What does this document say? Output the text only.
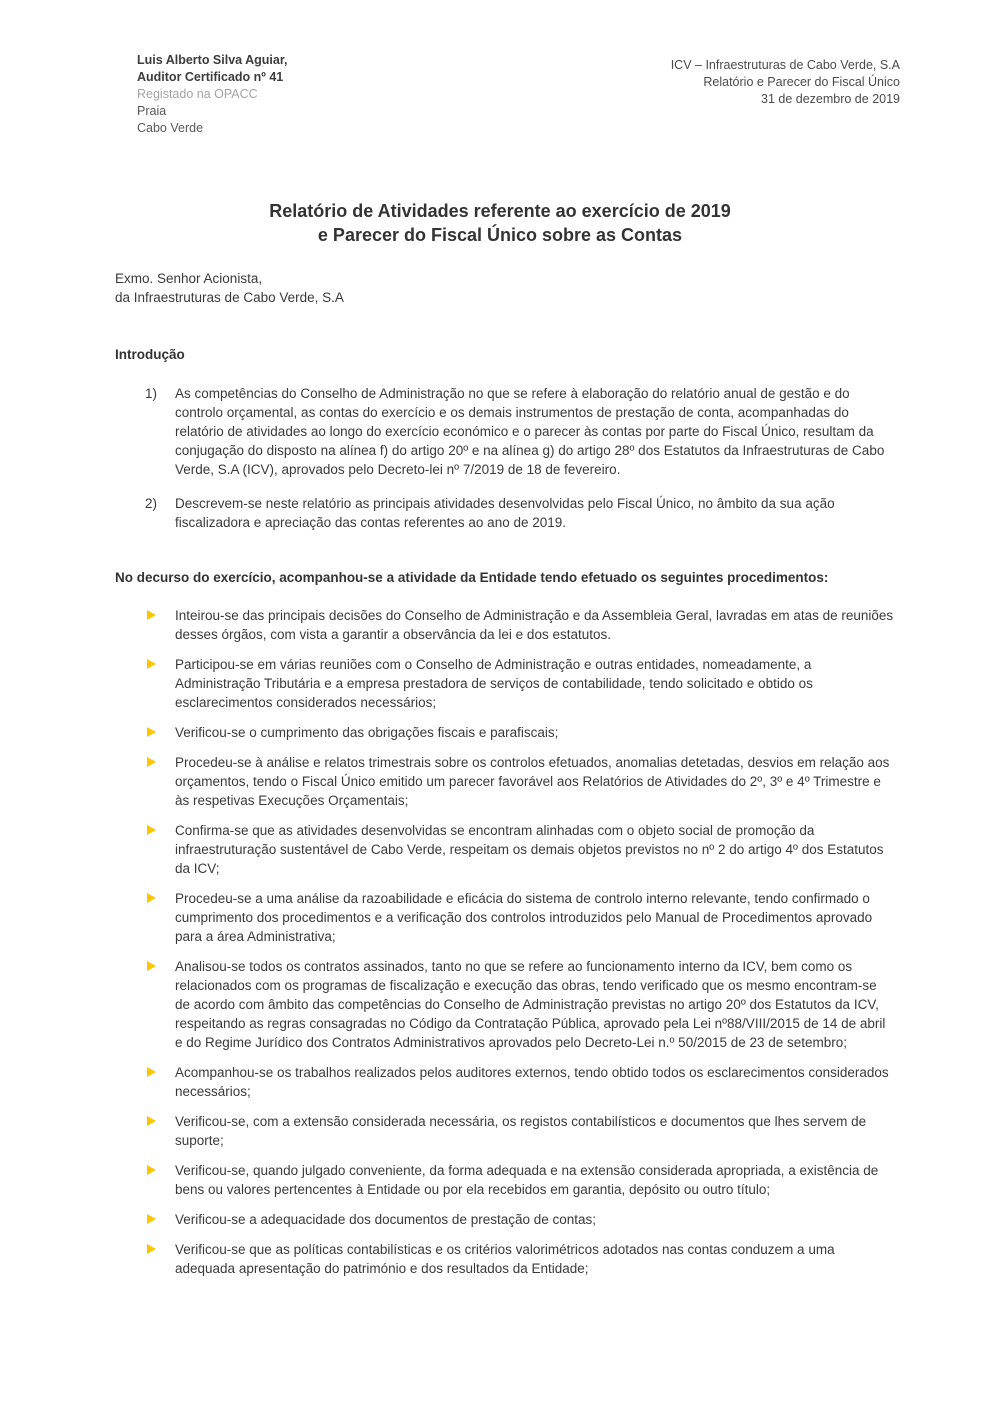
Luis Alberto Silva Aguiar,
Auditor Certificado nº 41
Registado na OPACC
Praia
Cabo Verde
ICV – Infraestruturas de Cabo Verde, S.A
Relatório e Parecer do Fiscal Único
31 de dezembro de 2019
Relatório de Atividades referente ao exercício de 2019
e Parecer do Fiscal Único sobre as Contas
Exmo. Senhor Acionista,
da Infraestruturas de Cabo Verde, S.A
Introdução
1)	As competências do Conselho de Administração no que se refere à elaboração do relatório anual de gestão e do controlo orçamental, as contas do exercício e os demais instrumentos de prestação de conta, acompanhadas do relatório de atividades ao longo do exercício económico e o parecer às contas por parte do Fiscal Único, resultam da conjugação do disposto na alínea f) do artigo 20º e na alínea g) do artigo 28º dos Estatutos da Infraestruturas de Cabo Verde, S.A (ICV), aprovados pelo Decreto-lei nº 7/2019 de 18 de fevereiro.
2)	Descrevem-se neste relatório as principais atividades desenvolvidas pelo Fiscal Único, no âmbito da sua ação fiscalizadora e apreciação das contas referentes ao ano de 2019.
No decurso do exercício, acompanhou-se a atividade da Entidade tendo efetuado os seguintes procedimentos:
Inteirou-se das principais decisões do Conselho de Administração e da Assembleia Geral, lavradas em atas de reuniões desses órgãos, com vista a garantir a observância da lei e dos estatutos.
Participou-se em várias reuniões com o Conselho de Administração e outras entidades, nomeadamente, a Administração Tributária e a empresa prestadora de serviços de contabilidade, tendo solicitado e obtido os esclarecimentos considerados necessários;
Verificou-se o cumprimento das obrigações fiscais e parafiscais;
Procedeu-se à análise e relatos trimestrais sobre os controlos efetuados, anomalias detetadas, desvios em relação aos orçamentos, tendo o Fiscal Único emitido um parecer favorável aos Relatórios de Atividades do 2º, 3º e 4º Trimestre e às respetivas Execuções Orçamentais;
Confirma-se que as atividades desenvolvidas se encontram alinhadas com o objeto social de promoção da infraestruturação sustentável de Cabo Verde, respeitam os demais objetos previstos no nº 2 do artigo 4º dos Estatutos da ICV;
Procedeu-se a uma análise da razoabilidade e eficácia do sistema de controlo interno relevante, tendo confirmado o cumprimento dos procedimentos e a verificação dos controlos introduzidos pelo Manual de Procedimentos aprovado para a área Administrativa;
Analisou-se todos os contratos assinados, tanto no que se refere ao funcionamento interno da ICV, bem como os relacionados com os programas de fiscalização e execução das obras, tendo verificado que os mesmo encontram-se de acordo com âmbito das competências do Conselho de Administração previstas no artigo 20º dos Estatutos da ICV, respeitando as regras consagradas no Código da Contratação Pública, aprovado pela Lei nº88/VIII/2015 de 14 de abril e do Regime Jurídico dos Contratos Administrativos aprovados pelo Decreto-Lei n.º 50/2015 de 23 de setembro;
Acompanhou-se os trabalhos realizados pelos auditores externos, tendo obtido todos os esclarecimentos considerados necessários;
Verificou-se, com a extensão considerada necessária, os registos contabilísticos e documentos que lhes servem de suporte;
Verificou-se, quando julgado conveniente, da forma adequada e na extensão considerada apropriada, a existência de bens ou valores pertencentes à Entidade ou por ela recebidos em garantia, depósito ou outro título;
Verificou-se a adequacidade dos documentos de prestação de contas;
Verificou-se que as políticas contabilísticas e os critérios valorimétricos adotados nas contas conduzem a uma adequada apresentação do património e dos resultados da Entidade;
